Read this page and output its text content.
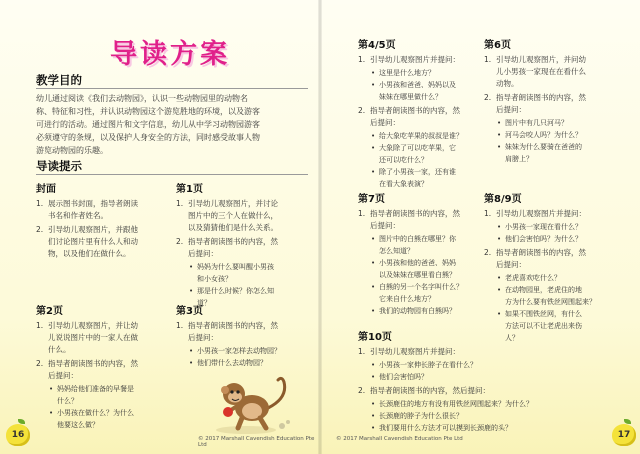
导读方案
教学目的
幼儿通过阅读《我们去动物园》，认识一些动物园里的动物名
称、特征和习性，并认识动物园这个游览胜地的环境，以及游客
可进行的活动。通过图片和文字信息，幼儿从中学习动物园游客
必须遵守的条规，以及保护人身安全的方法，同时感受故事人物
游览动物园的乐趣。
导读提示
封面
1. 展示图书封面，指导者朗读
书名和作者姓名。
2. 引导幼儿观察图片，并跟他
们讨论图片里有什么人和动
物，以及他们在做什么。
第1页
1. 引导幼儿观察图片，并讨论
图片中的三个人在做什么，
以及猜猜他们是什么关系。
2. 指导者朗读图书的内容，然
后提问：
• 妈妈为什么要叫醒小男孩
和小女孩？
• 那是什么时候？你怎么知
道？
第2页
1. 引导幼儿观察图片，并让幼
儿说说图片中的一家人在做
什么。
2. 指导者朗读图书的内容，然
后提问：
• 妈妈给他们准备的早餐是
什么？
• 小男孩在做什么？为什么
他要这么做？
第3页
1. 指导者朗读图书的内容，然
后提问：
• 小男孩一家怎样去动物园？
• 他们带什么去动物园？
16	© 2017 Marshall Cavendish Education Pte Ltd
第4/5页
1. 引导幼儿观察图片并提问：
• 这里是什么地方？
• 小男孩和爸爸、妈妈以及
妹妹在哪里做什么？
2. 指导者朗读图书的内容，然
后提问：
• 给大象吃苹果的叔叔是谁？
• 大象除了可以吃苹果，它
还可以吃什么？
• 除了小男孩一家，还有谁
在看大象表演？
第6页
1. 引导幼儿观察图片，并问幼
儿小男孩一家现在在看什么
动物。
2. 指导者朗读图书的内容，然
后提问：
• 图片中有几只河马？
• 河马会咬人吗？为什么？
• 妹妹为什么要骑在爸爸的
肩膀上？
第7页
1. 指导者朗读图书的内容，然
后提问：
• 图片中的白熊在哪里？你
怎么知道？
• 小男孩和他的爸爸、妈妈
以及妹妹在哪里看白熊？
• 白熊的另一个名字叫什么？
它来自什么地方？
• 我们的动物园有白熊吗？
第8/9页
1. 引导幼儿观察图片并提问：
• 小男孩一家现在看什么？
• 他们会害怕吗？为什么？
2. 指导者朗读图书的内容，然
后提问：
• 老虎喜欢吃什么？
• 在动物园里，老虎住的地
方为什么要有铁丝网围起来？
• 如果不围铁丝网，有什么
方法可以不让老虎出来伤
人？
第10页
1. 引导幼儿观察图片并提问：
• 小男孩一家伸长脖子在看什么？
• 他们会害怕吗？
2. 指导者朗读图书的内容，然后提问：
• 长颈鹿住的地方有没有用铁丝网围起来？为什么？
• 长颈鹿的脖子为什么很长？
• 我们要用什么方法才可以摸到长颈鹿的头？
© 2017 Marshall Cavendish Education Pte Ltd	17
